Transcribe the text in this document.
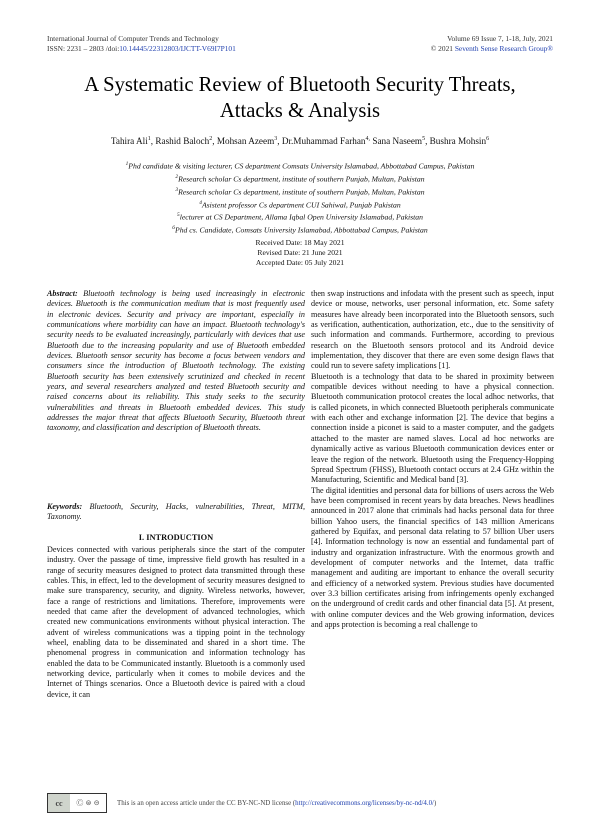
International Journal of Computer Trends and Technology
ISSN: 2231 – 2803 /doi:10.14445/22312803/IJCTT-V69I7P101
Volume 69 Issue 7, 1-18, July, 2021
© 2021 Seventh Sense Research Group®
A Systematic Review of Bluetooth Security Threats,
Attacks & Analysis
Tahira Ali$^1$, Rashid Baloch$^2$, Mohsan Azeem$^3$, Dr.Muhammad Farhan$^{4,}$ Sana Naseem$^5$, Bushra Mohsin$^6$
$^1$Phd candidate & visiting lecturer, CS department Comsats University Islamabad, Abbottabad Campus, Pakistan
$^2$Research scholar Cs department, institute of southern Punjab, Multan, Pakistan
$^3$Research scholar Cs department, institute of southern Punjab, Multan, Pakistan
$^4$Asistent professor Cs department CUI Sahiwal, Punjab Pakistan
$^5$lecturer at CS Department, Allama Iqbal Open University Islamabad, Pakistan
$^6$Phd cs. Candidate, Comsats University Islamabad, Abbottabad Campus, Pakistan
Received Date: 18 May 2021
Revised Date: 21 June 2021
Accepted Date: 05 July 2021

Abstract: Bluetooth technology is being used increasingly in electronic devices. Bluetooth is the communication medium that is most frequently used in electronic devices. Security and privacy are important, especially in communications where morbidity can have an impact. Bluetooth technology's security needs to be evaluated increasingly, particularly with devices that use Bluetooth due to the increasing popularity and use of Bluetooth embedded devices. Bluetooth sensor security has become a focus between vendors and consumers since the introduction of Bluetooth technology. The existing Bluetooth security has been extensively scrutinized and checked in recent years, and several researchers analyzed and tested Bluetooth security and raised concerns about its reliability. This study seeks to the security vulnerabilities and threats in Bluetooth embedded devices. This study addresses the major threat that affects Bluetooth Security, Bluetooth threat taxonomy, and classification and description of Bluetooth threats.

Keywords: Bluetooth, Security, Hacks, vulnerabilities, Threat, MITM, Taxonomy.

I. INTRODUCTION

Devices connected with various peripherals since the start of the computer industry. Over the passage of time, impressive field growth has resulted in a range of security measures designed to protect data transmitted through these cables. This, in effect, led to the development of security measures designed to make sure transparency, security, and dignity. Wireless networks, however, face a range of restrictions and limitations. Therefore, improvements were needed that came after the development of advanced technologies, which created new communications environments without physical interaction. The advent of wireless communications was a tipping point in the technology wheel, enabling data to be disseminated and shared in a short time. The phenomenal progress in communication and information technology has enabled the data to be Communicated instantly. Bluetooth is a commonly used networking device, particularly when it comes to mobile devices and the Internet of Things scenarios. Once a Bluetooth device is paired with a cloud device, it can

then swap instructions and infodata with the present such as speech, input device or mouse, networks, user personal information, etc. Some safety measures have already been incorporated into the Bluetooth sensors, such as verification, authentication, authorization, etc., due to the sensitivity of such information and commands. Furthermore, according to previous research on the Bluetooth sensors protocol and its Android device implementation, they discover that there are even some design flaws that could run to severe safety implications [1].

Bluetooth is a technology that data to be shared in proximity between compatible devices without needing to have a physical connection. Bluetooth communication protocol creates the local adhoc networks, that is called piconets, in which connected Bluetooth peripherals communicate with each other and exchange information [2]. The device that begins a connection inside a piconet is said to a master computer, and the gadgets attached to the master are named slaves. Local ad hoc networks are dynamically active as various Bluetooth communication devices enter or leave the region of the network. Bluetooth using the Frequency-Hopping Spread Spectrum (FHSS), Bluetooth contact occurs at 2.4 GHz within the Manufacturing, Scientific and Medical band [3].

The digital identities and personal data for billions of users across the Web have been compromised in recent years by data breaches. News headlines announced in 2017 alone that criminals had hacks personal data for three billion Yahoo users, the financial specifics of 143 million Americans gathered by Equifax, and personal data relating to 57 billion Uber users [4]. Information technology is now an essential and fundamental part of industry and organization infrastructure. With the enormous growth and development of computer networks and the Internet, data traffic management and auditing are important to enhance the overall security and efficiency of a networked system. Previous studies have documented over 3.3 billion certificates arising from infringements openly exchanged on the underground of credit cards and other financial data [5]. At present, with online computer devices and the Web growing information, devices and apps protection is becoming a real challenge to

cc	Ⓒ ⊜ ⊝	This is an open access article under the CC BY-NC-ND license (http://creativecommons.org/licenses/by-nc-nd/4.0/)
